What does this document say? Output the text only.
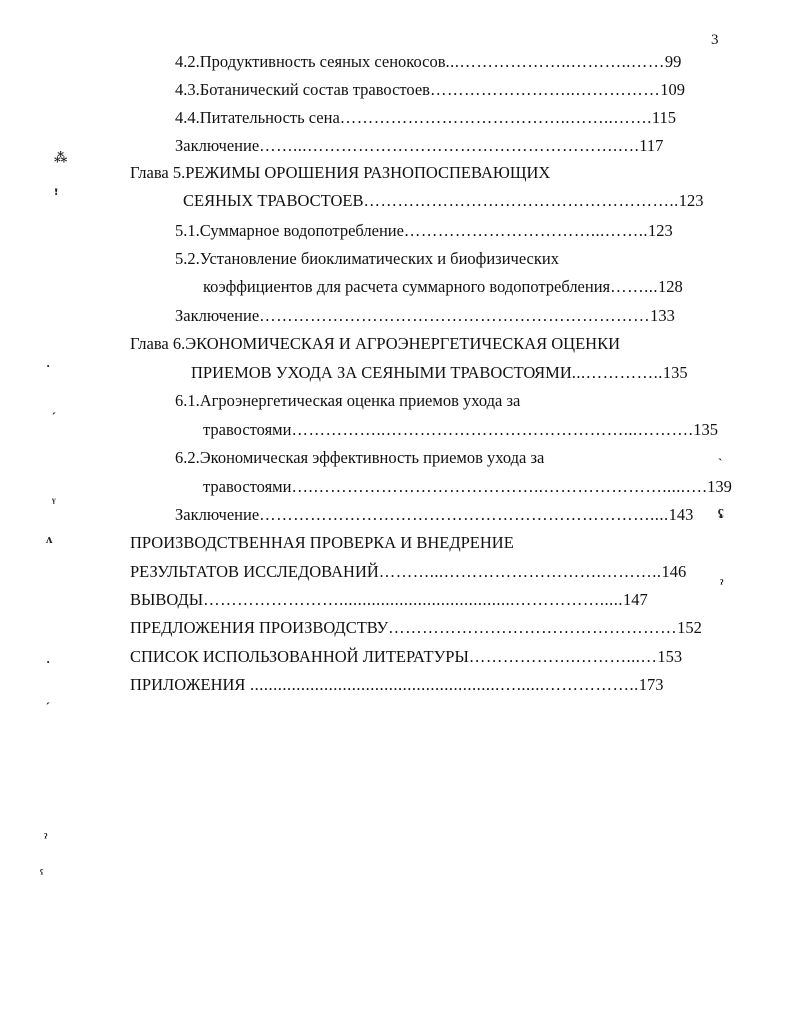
3
4.2.Продуктивность сеяных сенокосов...………………..………..……99
4.3.Ботанический состав травостоев……………………..……………109
4.4.Питательность сена…………………………………..……..…….115
Заключение……...……………………………………………….….117
Глава 5.РЕЖИМЫ ОРОШЕНИЯ РАЗНОПОСПЕВАЮЩИХ
СЕЯНЫХ ТРАВОСТОЕВ………………………………………………..123
5.1.Суммарное водопотребление……………………………...……..123
5.2.Установление биоклиматических и биофизических
коэффициентов для расчета суммарного водопотребления……...128
Заключение……………………………………………………………133
Глава 6.ЭКОНОМИЧЕСКАЯ И АГРОЭНЕРГЕТИЧЕСКАЯ ОЦЕНКИ
ПРИЕМОВ УХОДА ЗА СЕЯНЫМИ ТРАВОСТОЯМИ...…………..135
6.1.Агроэнергетическая оценка приемов ухода за
травостоями……………..……………………………………...……….135
6.2.Экономическая эффективность приемов ухода за
травостоями….…………………………………..………………….....….139
Заключение……………………………………………………………....143
ПРОИЗВОДСТВЕННАЯ ПРОВЕРКА И ВНЕДРЕНИЕ
РЕЗУЛЬТАТОВ ИССЛЕДОВАНИЙ………...……………………….………..146
ВЫВОДЫ……………………......................................…………….....147
ПРЕДЛОЖЕНИЯ ПРОИЗВОДСТВУ……………………………………………152
СПИСОК ИСПОЛЬЗОВАННОЙ ЛИТЕРАТУРЫ……………….………...…153
ПРИЛОЖЕНИЯ ......................................................…......……………..173
⁂
ꜝ
·
ˏ
ᵞ
ʌ
·
ˏ
ˀ
ˁ
ˎ
ʢ
ˀ
